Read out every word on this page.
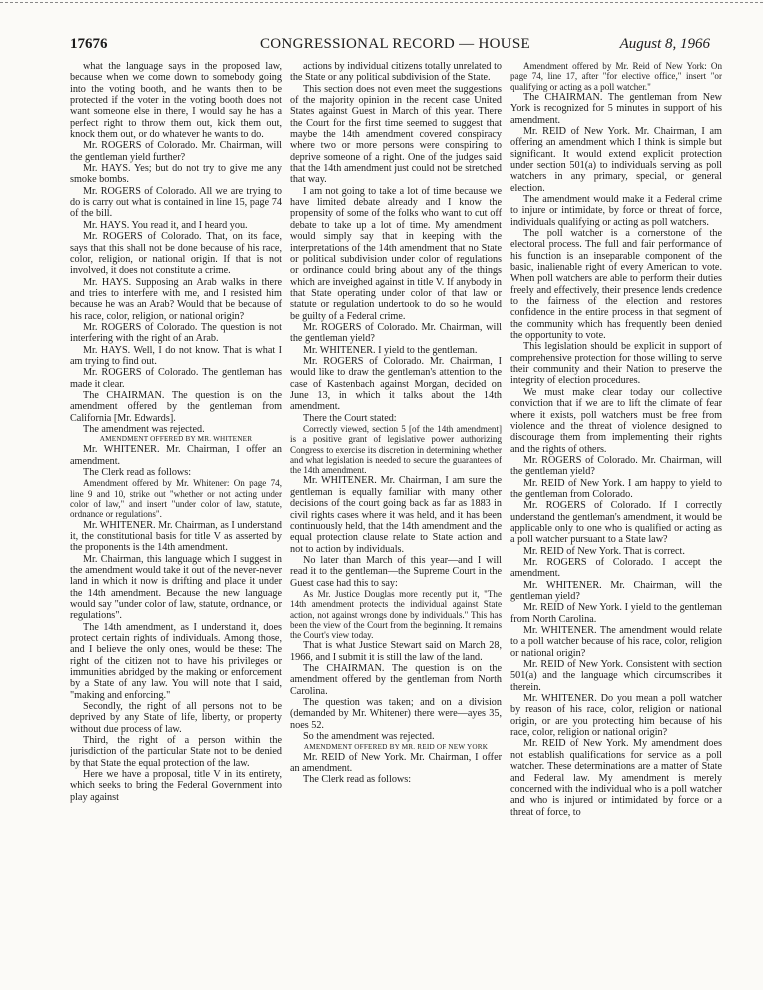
17676	CONGRESSIONAL RECORD — HOUSE	August 8, 1966

what the language says in the proposed law, because when we come down to somebody going into the voting booth, and he wants then to be protected if the voter in the voting booth does not want someone else in there, I would say he has a perfect right to throw them out, kick them out, knock them out, or do whatever he wants to do.

Mr. ROGERS of Colorado. Mr. Chairman, will the gentleman yield further?

Mr. HAYS. Yes; but do not try to give me any smoke bombs.

Mr. ROGERS of Colorado. All we are trying to do is carry out what is contained in line 15, page 74 of the bill.

Mr. HAYS. You read it, and I heard you.

Mr. ROGERS of Colorado. That, on its face, says that this shall not be done because of his race, color, religion, or national origin. If that is not involved, it does not constitute a crime.

Mr. HAYS. Supposing an Arab walks in there and tries to interfere with me, and I resisted him because he was an Arab? Would that be because of his race, color, religion, or national origin?

Mr. ROGERS of Colorado. The question is not interfering with the right of an Arab.

Mr. HAYS. Well, I do not know. That is what I am trying to find out.

Mr. ROGERS of Colorado. The gentleman has made it clear.

The CHAIRMAN. The question is on the amendment offered by the gentleman from California [Mr. Edwards].

The amendment was rejected.

AMENDMENT OFFERED BY MR. WHITENER

Mr. WHITENER. Mr. Chairman, I offer an amendment.

The Clerk read as follows:

Amendment offered by Mr. Whitener: On page 74, line 9 and 10, strike out "whether or not acting under color of law," and insert "under color of law, statute, ordnance or regulations".

Mr. WHITENER. Mr. Chairman, as I understand it, the constitutional basis for title V as asserted by the proponents is the 14th amendment.

Mr. Chairman, this language which I suggest in the amendment would take it out of the never-never land in which it now is drifting and place it under the 14th amendment. Because the new language would say "under color of law, statute, ordnance, or regulations".

The 14th amendment, as I understand it, does protect certain rights of individuals. Among those, and I believe the only ones, would be these: The right of the citizen not to have his privileges or immunities abridged by the making or enforcement by a State of any law. You will note that I said, "making and enforcing."

Secondly, the right of all persons not to be deprived by any State of life, liberty, or property without due process of law.

Third, the right of a person within the jurisdiction of the particular State not to be denied by that State the equal protection of the law.

Here we have a proposal, title V in its entirety, which seeks to bring the Federal Government into play against

actions by individual citizens totally unrelated to the State or any political subdivision of the State.

This section does not even meet the suggestions of the majority opinion in the recent case United States against Guest in March of this year. There the Court for the first time seemed to suggest that maybe the 14th amendment covered conspiracy where two or more persons were conspiring to deprive someone of a right. One of the judges said that the 14th amendment just could not be stretched that way.

I am not going to take a lot of time because we have limited debate already and I know the propensity of some of the folks who want to cut off debate to take up a lot of time. My amendment would simply say that in keeping with the interpretations of the 14th amendment that no State or political subdivision under color of regulations or ordinance could bring about any of the things which are inveighed against in title V. If anybody in that State operating under color of that law or statute or regulation undertook to do so he would be guilty of a Federal crime.

Mr. ROGERS of Colorado. Mr. Chairman, will the gentleman yield?

Mr. WHITENER. I yield to the gentleman.

Mr. ROGERS of Colorado. Mr. Chairman, I would like to draw the gentleman's attention to the case of Kastenbach against Morgan, decided on June 13, in which it talks about the 14th amendment.

There the Court stated:

Correctly viewed, section 5 [of the 14th amendment] is a positive grant of legislative power authorizing Congress to exercise its discretion in determining whether and what legislation is needed to secure the guarantees of the 14th amendment.

Mr. WHITENER. Mr. Chairman, I am sure the gentleman is equally familiar with many other decisions of the court going back as far as 1883 in civil rights cases where it was held, and it has been continuously held, that the 14th amendment and the equal protection clause relate to State action and not to action by individuals.

No later than March of this year—and I will read it to the gentleman—the Supreme Court in the Guest case had this to say:

As Mr. Justice Douglas more recently put it, "The 14th amendment protects the individual against State action, not against wrongs done by individuals." This has been the view of the Court from the beginning. It remains the Court's view today.

That is what Justice Stewart said on March 28, 1966, and I submit it is still the law of the land.

The CHAIRMAN. The question is on the amendment offered by the gentleman from North Carolina.

The question was taken; and on a division (demanded by Mr. Whitener) there were—ayes 35, noes 52.

So the amendment was rejected.

AMENDMENT OFFERED BY MR. REID OF NEW YORK

Mr. REID of New York. Mr. Chairman, I offer an amendment.

The Clerk read as follows:

Amendment offered by Mr. Reid of New York: On page 74, line 17, after "for elective office," insert "or qualifying or acting as a poll watcher."

The CHAIRMAN. The gentleman from New York is recognized for 5 minutes in support of his amendment.

Mr. REID of New York. Mr. Chairman, I am offering an amendment which I think is simple but significant. It would extend explicit protection under section 501(a) to individuals serving as poll watchers in any primary, special, or general election.

The amendment would make it a Federal crime to injure or intimidate, by force or threat of force, individuals qualifying or acting as poll watchers.

The poll watcher is a cornerstone of the electoral process. The full and fair performance of his function is an inseparable component of the basic, inalienable right of every American to vote. When poll watchers are able to perform their duties freely and effectively, their presence lends credence to the fairness of the election and restores confidence in the entire process in that segment of the community which has frequently been denied the opportunity to vote.

This legislation should be explicit in support of comprehensive protection for those willing to serve their community and their Nation to preserve the integrity of election procedures.

We must make clear today our collective conviction that if we are to lift the climate of fear where it exists, poll watchers must be free from violence and the threat of violence designed to discourage them from implementing their rights and the rights of others.

Mr. ROGERS of Colorado. Mr. Chairman, will the gentleman yield?

Mr. REID of New York. I am happy to yield to the gentleman from Colorado.

Mr. ROGERS of Colorado. If I correctly understand the gentleman's amendment, it would be applicable only to one who is qualified or acting as a poll watcher pursuant to a State law?

Mr. REID of New York. That is correct.

Mr. ROGERS of Colorado. I accept the amendment.

Mr. WHITENER. Mr. Chairman, will the gentleman yield?

Mr. REID of New York. I yield to the gentleman from North Carolina.

Mr. WHITENER. The amendment would relate to a poll watcher because of his race, color, religion or national origin?

Mr. REID of New York. Consistent with section 501(a) and the language which circumscribes it therein.

Mr. WHITENER. Do you mean a poll watcher by reason of his race, color, religion or national origin, or are you protecting him because of his race, color, religion or national origin?

Mr. REID of New York. My amendment does not establish qualifications for service as a poll watcher. These determinations are a matter of State and Federal law. My amendment is merely concerned with the individual who is a poll watcher and who is injured or intimidated by force or a threat of force, to
